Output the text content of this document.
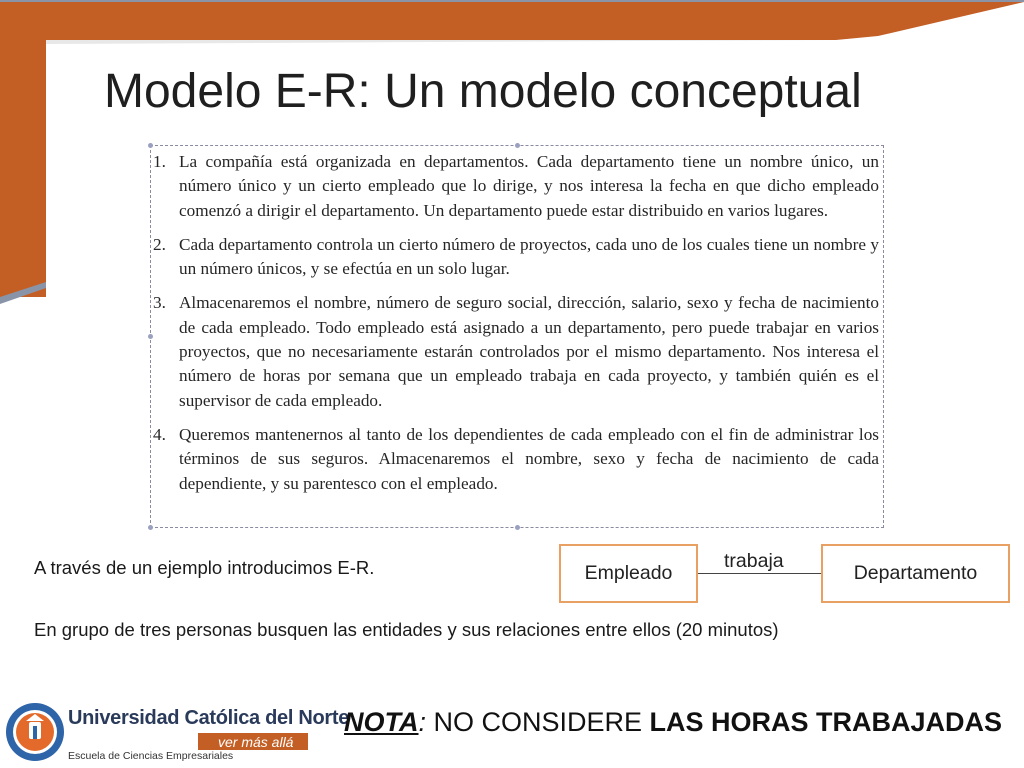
Modelo E-R: Un modelo conceptual
1. La compañía está organizada en departamentos. Cada departamento tiene un nombre único, un número único y un cierto empleado que lo dirige, y nos interesa la fecha en que dicho empleado comenzó a dirigir el departamento. Un departamento puede estar distribuido en varios lugares.
2. Cada departamento controla un cierto número de proyectos, cada uno de los cuales tiene un nombre y un número únicos, y se efectúa en un solo lugar.
3. Almacenaremos el nombre, número de seguro social, dirección, salario, sexo y fecha de nacimiento de cada empleado. Todo empleado está asignado a un departamento, pero puede trabajar en varios proyectos, que no necesariamente estarán controlados por el mismo departamento. Nos interesa el número de horas por semana que un empleado trabaja en cada proyecto, y también quién es el supervisor de cada empleado.
4. Queremos mantenernos al tanto de los dependientes de cada empleado con el fin de administrar los términos de sus seguros. Almacenaremos el nombre, sexo y fecha de nacimiento de cada dependiente, y su parentesco con el empleado.
A través de un ejemplo introducimos E-R.
En grupo de tres personas busquen las entidades y sus relaciones entre ellos (20 minutos)
Empleado
trabaja
Departamento
Universidad Católica del Norte
ver más allá
Escuela de Ciencias Empresariales
NOTA: NO CONSIDERE LAS HORAS TRABAJADAS
